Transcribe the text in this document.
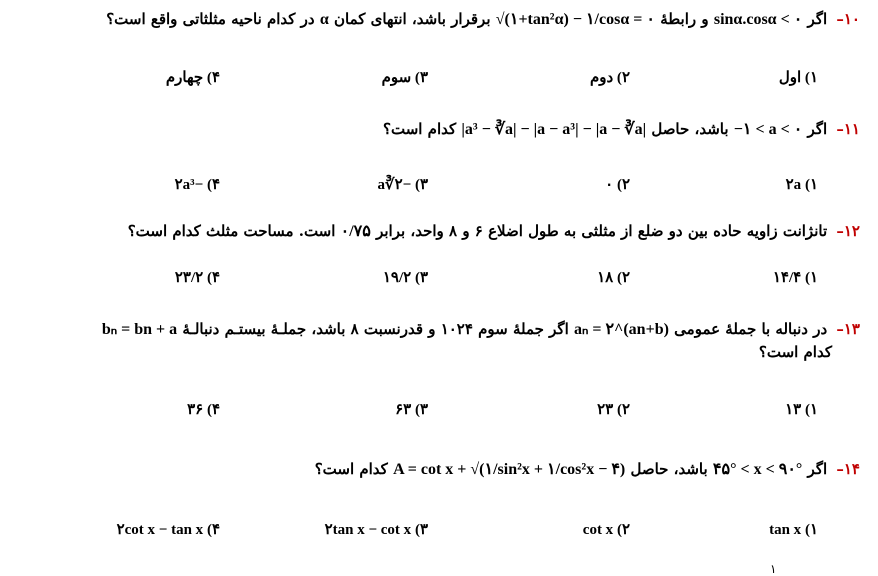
۱۰– اگر sinα.cosα < ۰ و رابطهٔ √(۱+tan²α) − ۱/cosα = ۰ برقرار باشد، انتهای کمان α در کدام ناحیه مثلثاتی واقع است؟
۱) اول
۲) دوم
۳) سوم
۴) چهارم
۱۱– اگر −۱ < a < ۰ باشد، حاصل |a³ − ∛a| − |a − a³| − |a − ∛a| کدام است؟
۱) ۲a
۲) ۰
۳) −۲∛a
۴) −۲a³
۱۲– تانژانت زاویه حاده بین دو ضلع از مثلثی به طول اضلاع ۶ و ۸ واحد، برابر ۰/۷۵ است. مساحت مثلث کدام است؟
۱) ۱۴/۴
۲) ۱۸
۳) ۱۹/۲
۴) ۲۳/۲
۱۳– در دنباله با جملهٔ عمومی aₙ = ۲^(an+b) اگر جملهٔ سوم ۱۰۲۴ و قدرنسبت ۸ باشد، جملـهٔ بیستـم دنبالـهٔ bₙ = bn + a
کدام است؟
۱) ۱۳
۲) ۲۳
۳) ۶۳
۴) ۳۶
۱۴– اگر ۴۵° < x < ۹۰° باشد، حاصل A = cot x + √(۱/sin²x + ۱/cos²x − ۴) کدام است؟
۱) tan x
۲) cot x
۳) ۲tan x − cot x
۴) ۲cot x − tan x
۱
